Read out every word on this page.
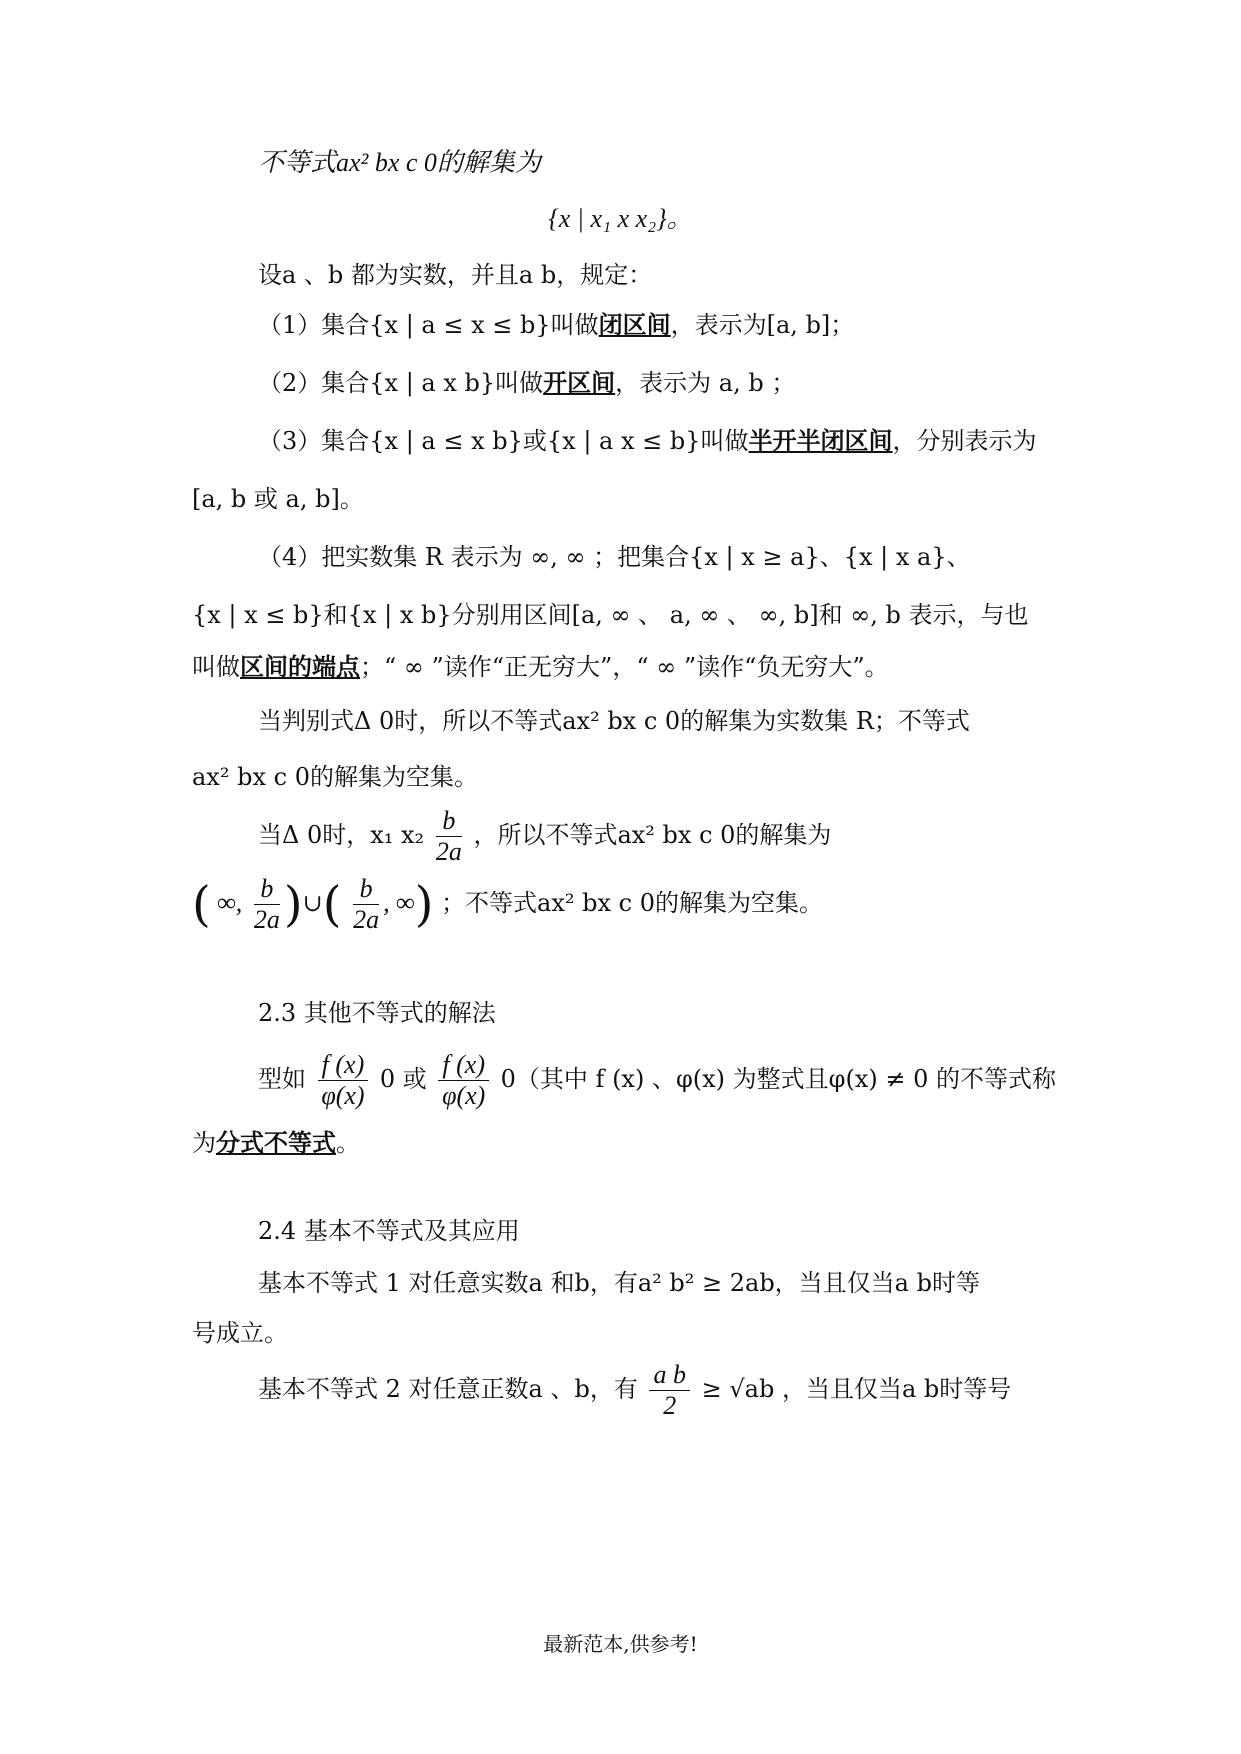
不等式ax² bx c 0的解集为
{x | x₁ x x₂}。
设a 、b 都为实数，并且a b，规定：
（1）集合{x | a ≤ x ≤ b}叫做闭区间，表示为[a, b]；
（2）集合{x | a x b}叫做开区间，表示为 a, b ；
（3）集合{x | a ≤ x b}或{x | a x ≤ b}叫做半开半闭区间，分别表示为
[a, b 或 a, b]。
（4）把实数集 R 表示为 ∞, ∞ ；把集合{x | x ≥ a}、{x | x a}、
{x | x ≤ b}和{x | x b}分别用区间[a, ∞ 、 a, ∞ 、 ∞, b]和 ∞, b 表示，与也
叫做区间的端点；“ ∞ ”读作“正无穷大”，“ ∞ ”读作“负无穷大”。
当判别式Δ 0时，所以不等式ax² bx c 0的解集为实数集 R；不等式
ax² bx c 0的解集为空集。
当Δ 0时，x₁ $x_2 \frac{b}{2a}$ ，所以不等式ax² bx c 0的解集为
( ∞, $\frac{b}{2a}$ )∪( $\frac{b}{2a}$ , ∞) ；不等式ax² bx c 0的解集为空集。
2.3 其他不等式的解法
型如 $\frac{f (x)}{\varphi(x)} 0$ 或 $\frac{f (x)}{\varphi(x)} 0$（其中 f (x) 、φ(x) 为整式且φ(x) ≠ 0 的不等式称
为分式不等式。
2.4 基本不等式及其应用
基本不等式 1 对任意实数a 和b，有a² b² ≥ 2ab，当且仅当a b时等
号成立。
基本不等式 2 对任意正数a 、b，有 $\frac{\text{a b}}{2} \ge √ab$ ，当且仅当a b时等号
最新范本,供参考!
